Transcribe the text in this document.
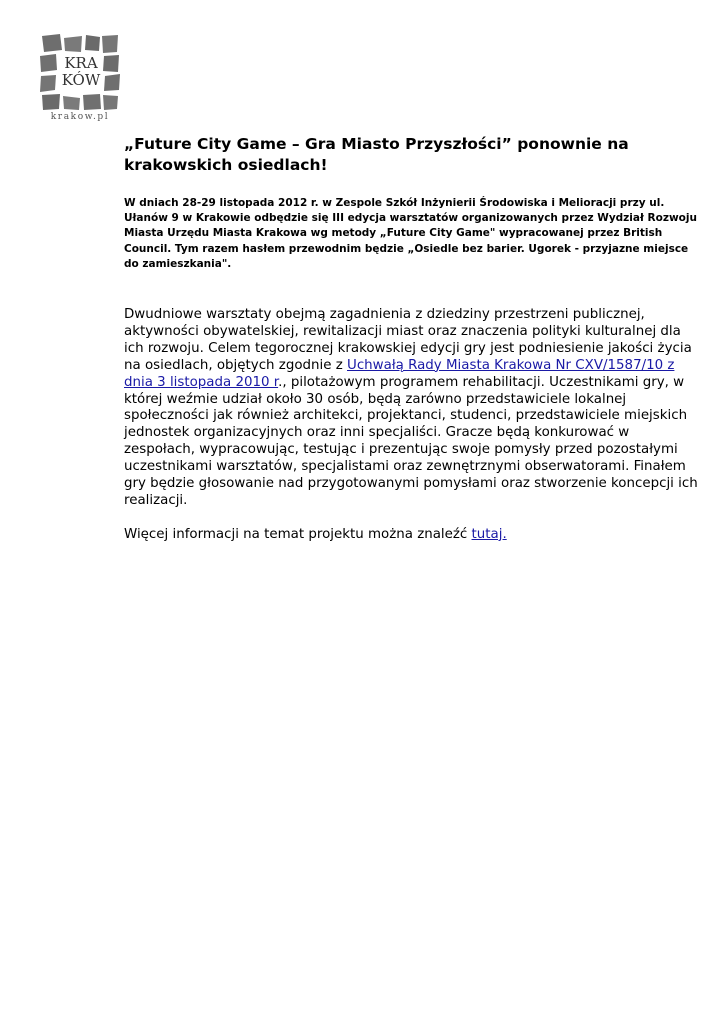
KRA
KÓW
krakow.pl
„Future City Game – Gra Miasto Przyszłości” ponownie na krakowskich osiedlach!

W dniach 28-29 listopada 2012 r. w Zespole Szkół Inżynierii Środowiska i Melioracji przy ul. Ułanów 9 w Krakowie odbędzie się III edycja warsztatów organizowanych przez Wydział Rozwoju Miasta Urzędu Miasta Krakowa wg metody „Future City Game" wypracowanej przez British Council. Tym razem hasłem przewodnim będzie „Osiedle bez barier. Ugorek - przyjazne miejsce do zamieszkania".

Dwudniowe warsztaty obejmą zagadnienia z dziedziny przestrzeni publicznej, aktywności obywatelskiej, rewitalizacji miast oraz znaczenia polityki kulturalnej dla ich rozwoju. Celem tegorocznej krakowskiej edycji gry jest podniesienie jakości życia na osiedlach, objętych zgodnie z Uchwałą Rady Miasta Krakowa Nr CXV/1587/10 z dnia 3 listopada 2010 r., pilotażowym programem rehabilitacji. Uczestnikami gry, w której weźmie udział około 30 osób, będą zarówno przedstawiciele lokalnej społeczności jak również architekci, projektanci, studenci, przedstawiciele miejskich jednostek organizacyjnych oraz inni specjaliści. Gracze będą konkurować w zespołach, wypracowując, testując i prezentując swoje pomysły przed pozostałymi uczestnikami warsztatów, specjalistami oraz zewnętrznymi obserwatorami. Finałem gry będzie głosowanie nad przygotowanymi pomysłami oraz stworzenie koncepcji ich realizacji.

Więcej informacji na temat projektu można znaleźć tutaj.
